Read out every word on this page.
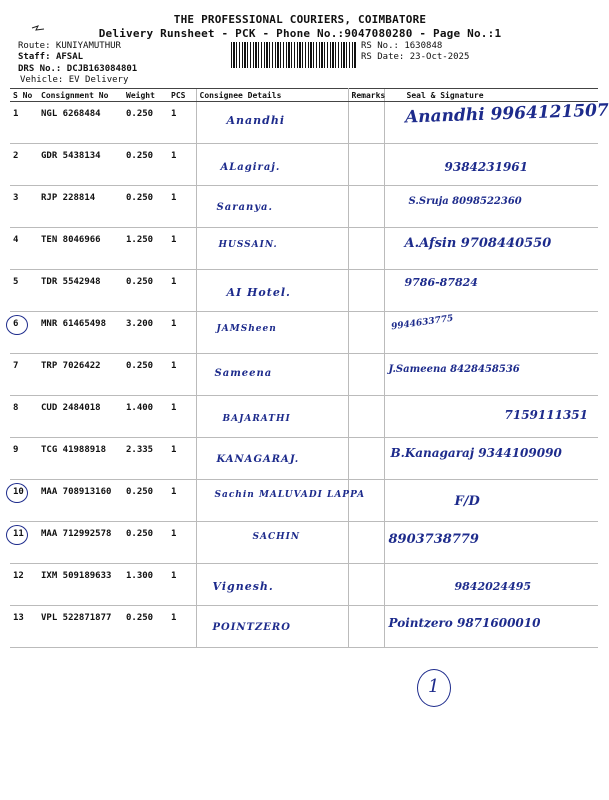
THE PROFESSIONAL COURIERS, COIMBATORE
Delivery Runsheet - PCK - Phone No.:9047080280 - Page No.:1
Route: KUNIYAMUTHUR
Staff: AFSAL
DRS No.: DCJB163084801
Vehicle: EV Delivery
RS No.: 1630848
RS Date: 23-Oct-2025
S No	Consignment No	Weight	PCS	Consignee Details	Remarks	Seal & Signature
1	NGL 6268484	0.250	1	Anandhi		Anandhi 9964121507

2	GDR 5438134	0.250	1	ALagiraj.		9384231961

3	RJP 228814	0.250	1	Saranya.		S.Sruja 8098522360

4	TEN 8046966	1.250	1	HUSSAIN.		A.Afsin 9708440550

5	TDR 5542948	0.250	1	AI Hotel.		9786-87824

6	MNR 61465498	3.200	1	JAMSheen		9944633775

7	TRP 7026422	0.250	1	Sameena		J.Sameena 8428458536

8	CUD 2484018	1.400	1	BAJARATHI		7159111351

9	TCG 41988918	2.335	1	KANAGARAJ.		B.Kanagaraj 9344109090

10	MAA 708913160	0.250	1	Sachin MALUVADI LAPPA		F/D

11	MAA 712992578	0.250	1	SACHIN		8903738779

12	IXM 509189633	1.300	1	Vignesh.		9842024495

13	VPL 522871877	0.250	1	POINTZERO		Pointzero 9871600010
1
